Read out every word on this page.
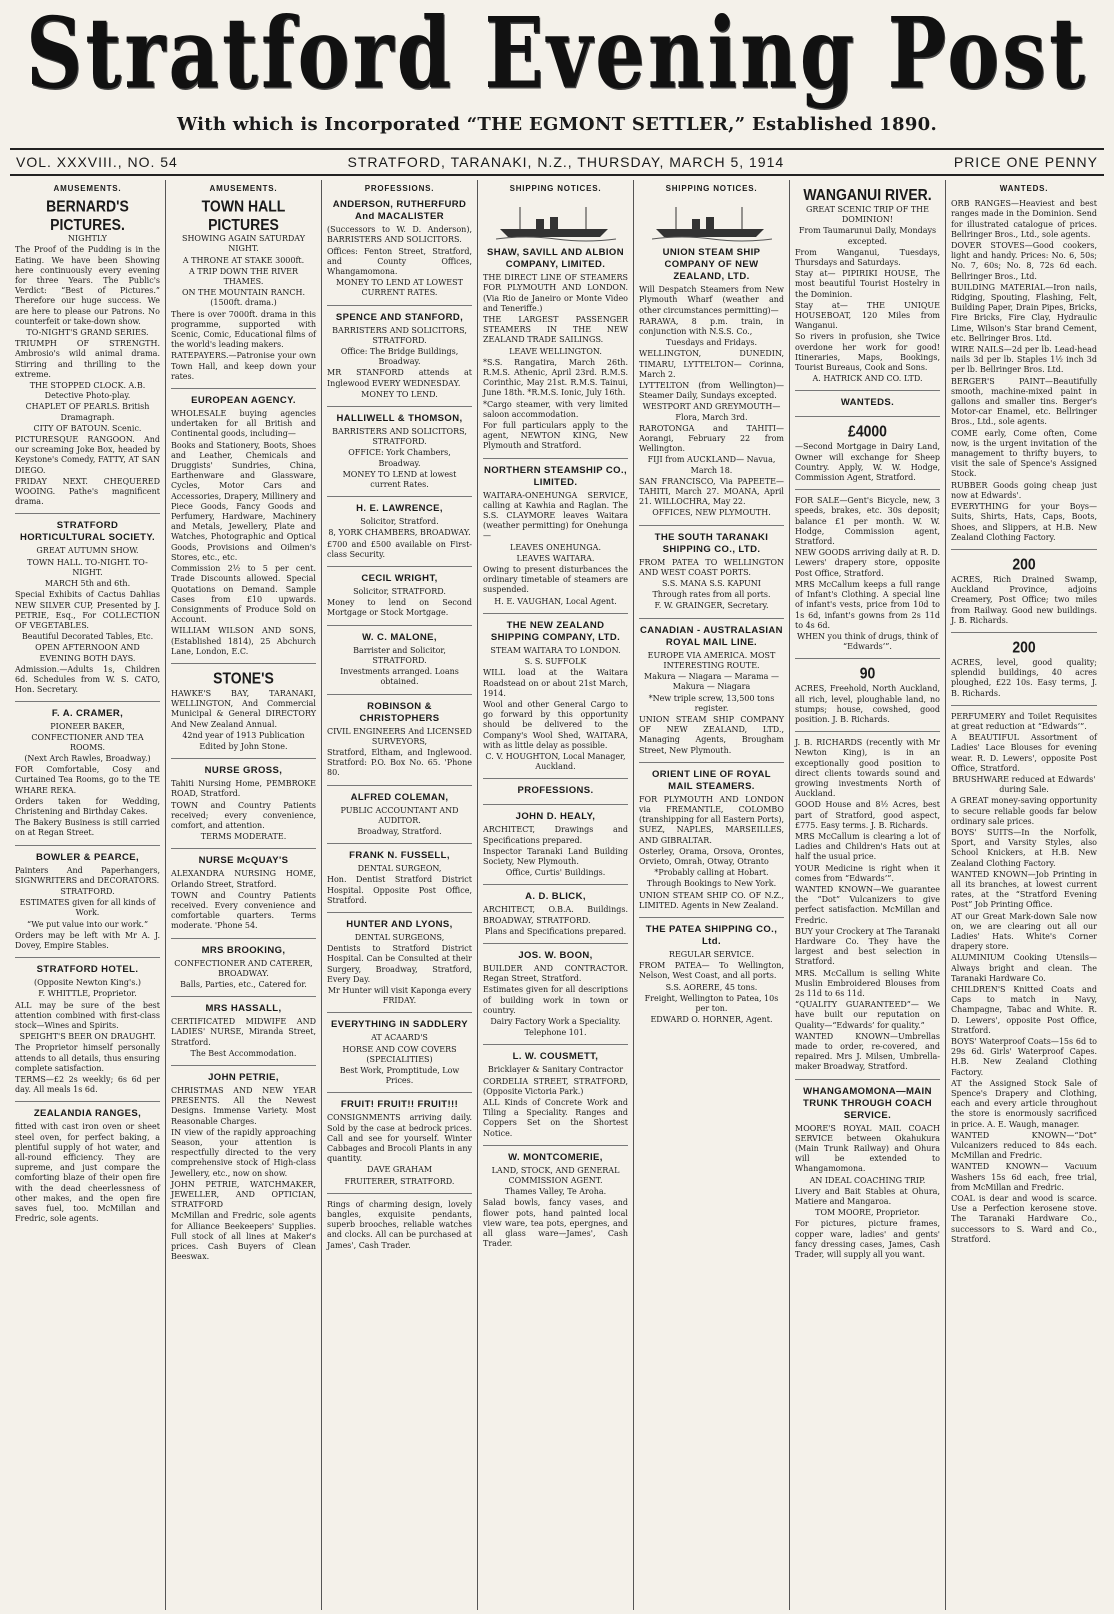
Stratford Evening Post
With which is Incorporated “THE EGMONT SETTLER,” Established 1890.
VOL. XXXVIII., NO. 54	STRATFORD, TARANAKI, N.Z., THURSDAY, MARCH 5, 1914	PRICE ONE PENNY
AMUSEMENTS.
BERNARD'S PICTURES.

NIGHTLY

The Proof of the Pudding is in the Eating. We have been Showing here continuously every evening for three Years. The Public's Verdict: “Best of Pictures.” Therefore our huge success. We are here to please our Patrons. No counterfeit or take-down show.

TO-NIGHT'S GRAND SERIES.

TRIUMPH OF STRENGTH. Ambrosio's wild animal drama. Stirring and thrilling to the extreme.

THE STOPPED CLOCK. A.B. Detective Photo-play.

CHAPLET OF PEARLS. British Dramagraph.

CITY OF BATOUN. Scenic.

PICTURESQUE RANGOON. And our screaming Joke Box, headed by Keystone's Comedy, FATTY, AT SAN DIEGO.

FRIDAY NEXT. CHEQUERED WOOING. Pathe's magnificent drama.

STRATFORD HORTICULTURAL SOCIETY.

GREAT AUTUMN SHOW.

TOWN HALL. TO-NIGHT. TO-NIGHT.

MARCH 5th and 6th.

Special Exhibits of Cactus Dahlias NEW SILVER CUP, Presented by J. PETRIE, Esq., For COLLECTION OF VEGETABLES.

Beautiful Decorated Tables, Etc.

OPEN AFTERNOON AND EVENING BOTH DAYS.

Admission.—Adults 1s, Children 6d. Schedules from W. S. CATO, Hon. Secretary.

F. A. CRAMER,

PIONEER BAKER, CONFECTIONER AND TEA ROOMS.

(Next Arch Rawles, Broadway.)

FOR Comfortable, Cosy and Curtained Tea Rooms, go to the TE WHARE REKA.

Orders taken for Wedding, Christening and Birthday Cakes.

The Bakery Business is still carried on at Regan Street.

BOWLER & PEARCE,

Painters And Paperhangers, SIGNWRITERS and DECORATORS.

STRATFORD.

ESTIMATES given for all kinds of Work.

“We put value into our work.”

Orders may be left with Mr A. J. Dovey, Empire Stables.

STRATFORD HOTEL.

(Opposite Newton King's.)

F. WHITTLE, Proprietor.

ALL may be sure of the best attention combined with first-class stock—Wines and Spirits.

SPEIGHT'S BEER ON DRAUGHT.

The Proprietor himself personally attends to all details, thus ensuring complete satisfaction.

TERMS—£2 2s weekly; 6s 6d per day. All meals 1s 6d.

ZEALANDIA RANGES,

fitted with cast iron oven or sheet steel oven, for perfect baking, a plentiful supply of hot water, and all-round efficiency. They are supreme, and just compare the comforting blaze of their open fire with the dead cheerlessness of other makes, and the open fire saves fuel, too. McMillan and Fredric, sole agents.

AMUSEMENTS.
TOWN HALL PICTURES

SHOWING AGAIN SATURDAY NIGHT.

A THRONE AT STAKE 3000ft.

A TRIP DOWN THE RIVER THAMES.

ON THE MOUNTAIN RANCH. (1500ft. drama.)

There is over 7000ft. drama in this programme, supported with Scenic, Comic, Educational films of the world's leading makers.

RATEPAYERS.—Patronise your own Town Hall, and keep down your rates.

EUROPEAN AGENCY.

WHOLESALE buying agencies undertaken for all British and Continental goods, including—

Books and Stationery, Boots, Shoes and Leather, Chemicals and Druggists' Sundries, China, Earthenware and Glassware, Cycles, Motor Cars and Accessories, Drapery, Millinery and Piece Goods, Fancy Goods and Perfumery, Hardware, Machinery and Metals, Jewellery, Plate and Watches, Photographic and Optical Goods, Provisions and Oilmen's Stores, etc., etc.

Commission 2½ to 5 per cent. Trade Discounts allowed. Special Quotations on Demand. Sample Cases from £10 upwards. Consignments of Produce Sold on Account.

WILLIAM WILSON AND SONS, (Established 1814), 25 Abchurch Lane, London, E.C.

STONE'S

HAWKE'S BAY, TARANAKI, WELLINGTON, And Commercial Municipal & General DIRECTORY And New Zealand Annual.

42nd year of 1913 Publication

Edited by John Stone.

NURSE GROSS,

Tahiti Nursing Home, PEMBROKE ROAD, Stratford.

TOWN and Country Patients received; every convenience, comfort, and attention.

TERMS MODERATE.

NURSE McQUAY'S

ALEXANDRA NURSING HOME, Orlando Street, Stratford.

TOWN and Country Patients received. Every convenience and comfortable quarters. Terms moderate. 'Phone 54.

MRS BROOKING,

CONFECTIONER AND CATERER, BROADWAY.

Balls, Parties, etc., Catered for.

MRS HASSALL,

CERTIFICATED MIDWIFE AND LADIES' NURSE, Miranda Street, Stratford.

The Best Accommodation.

JOHN PETRIE,

CHRISTMAS AND NEW YEAR PRESENTS. All the Newest Designs. Immense Variety. Most Reasonable Charges.

IN view of the rapidly approaching Season, your attention is respectfully directed to the very comprehensive stock of High-class Jewellery, etc., now on show.

JOHN PETRIE, WATCHMAKER, JEWELLER, AND OPTICIAN, STRATFORD

McMillan and Fredric, sole agents for Alliance Beekeepers' Supplies. Full stock of all lines at Maker's prices. Cash Buyers of Clean Beeswax.

PROFESSIONS.
ANDERSON, RUTHERFURD And MACALISTER

(Successors to W. D. Anderson), BARRISTERS AND SOLICITORS.

Offices: Fenton Street, Stratford, and County Offices, Whangamomona.

MONEY TO LEND AT LOWEST CURRENT RATES.

SPENCE AND STANFORD,

BARRISTERS AND SOLICITORS, STRATFORD.

Office: The Bridge Buildings, Broadway.

MR STANFORD attends at Inglewood EVERY WEDNESDAY.

MONEY TO LEND.

HALLIWELL & THOMSON,

BARRISTERS AND SOLICITORS, STRATFORD.

OFFICE: York Chambers, Broadway.

MONEY TO LEND at lowest current Rates.

H. E. LAWRENCE,

Solicitor, Stratford.

8, YORK CHAMBERS, BROADWAY.

£700 and £500 available on First-class Security.

CECIL WRIGHT,

Solicitor, STRATFORD.

Money to lend on Second Mortgage or Stock Mortgage.

W. C. MALONE,

Barrister and Solicitor, STRATFORD.

Investments arranged. Loans obtained.

ROBINSON & CHRISTOPHERS

CIVIL ENGINEERS And LICENSED SURVEYORS,

Stratford, Eltham, and Inglewood. Stratford: P.O. Box No. 65. 'Phone 80.

ALFRED COLEMAN,

PUBLIC ACCOUNTANT AND AUDITOR.

Broadway, Stratford.

FRANK N. FUSSELL,

DENTAL SURGEON,

Hon. Dentist Stratford District Hospital. Opposite Post Office, Stratford.

HUNTER AND LYONS,

DENTAL SURGEONS,

Dentists to Stratford District Hospital. Can be Consulted at their Surgery, Broadway, Stratford, Every Day.

Mr Hunter will visit Kaponga every FRIDAY.

EVERYTHING IN SADDLERY

AT ACAARD'S

HORSE AND COW COVERS (SPECIALITIES)

Best Work, Promptitude, Low Prices.

FRUIT! FRUIT!! FRUIT!!!

CONSIGNMENTS arriving daily. Sold by the case at bedrock prices. Call and see for yourself. Winter Cabbages and Brocoli Plants in any quantity.

DAVE GRAHAM

FRUITERER, STRATFORD.

Rings of charming design, lovely bangles, exquisite pendants, superb brooches, reliable watches and clocks. All can be purchased at James', Cash Trader.

SHIPPING NOTICES.
SHAW, SAVILL AND ALBION COMPANY, LIMITED.

THE DIRECT LINE OF STEAMERS FOR PLYMOUTH AND LONDON. (Via Rio de Janeiro or Monte Video and Teneriffe.)

THE LARGEST PASSENGER STEAMERS IN THE NEW ZEALAND TRADE SAILINGS.

LEAVE WELLINGTON.

*S.S. Rangatira, March 26th. R.M.S. Athenic, April 23rd. R.M.S. Corinthic, May 21st. R.M.S. Tainui, June 18th. *R.M.S. Ionic, July 16th.

*Cargo steamer, with very limited saloon accommodation.

For full particulars apply to the agent, NEWTON KING, New Plymouth and Stratford.

NORTHERN STEAMSHIP CO., LIMITED.

WAITARA-ONEHUNGA SERVICE, calling at Kawhia and Raglan. The S.S. CLAYMORE leaves Waitara (weather permitting) for Onehunga—

LEAVES ONEHUNGA.

LEAVES WAITARA.

Owing to present disturbances the ordinary timetable of steamers are suspended.

H. E. VAUGHAN, Local Agent.

THE NEW ZEALAND SHIPPING COMPANY, LTD.

STEAM WAITARA TO LONDON.

S. S. SUFFOLK

WILL load at the Waitara Roadstead on or about 21st March, 1914.

Wool and other General Cargo to go forward by this opportunity should be delivered to the Company's Wool Shed, WAITARA, with as little delay as possible.

C. V. HOUGHTON, Local Manager, Auckland.

PROFESSIONS.
JOHN D. HEALY,

ARCHITECT, Drawings and Specifications prepared.

Inspector Taranaki Land Building Society, New Plymouth.

Office, Curtis' Buildings.

A. D. BLICK,

ARCHITECT, O.B.A. Buildings. BROADWAY, STRATFORD.

Plans and Specifications prepared.

JOS. W. BOON,

BUILDER AND CONTRACTOR. Regan Street, Stratford.

Estimates given for all descriptions of building work in town or country.

Dairy Factory Work a Speciality.

Telephone 101.

L. W. COUSMETT,

Bricklayer & Sanitary Contractor

CORDELIA STREET, STRATFORD, (Opposite Victoria Park.)

ALL Kinds of Concrete Work and Tiling a Speciality. Ranges and Coppers Set on the Shortest Notice.

W. MONTCOMERIE,

LAND, STOCK, AND GENERAL COMMISSION AGENT.

Thames Valley, Te Aroha.

Salad bowls, fancy vases, and flower pots, hand painted local view ware, tea pots, epergnes, and all glass ware—James', Cash Trader.

SHIPPING NOTICES.
UNION STEAM SHIP COMPANY OF NEW ZEALAND, LTD.

Will Despatch Steamers from New Plymouth Wharf (weather and other circumstances permitting)—

RARAWA, 8 p.m. train, in conjunction with N.S.S. Co.,

Tuesdays and Fridays.

WELLINGTON, DUNEDIN, TIMARU, LYTTELTON— Corinna, March 2.

LYTTELTON (from Wellington)— Steamer Daily, Sundays excepted.

WESTPORT AND GREYMOUTH— Flora, March 3rd.

RAROTONGA and TAHITI— Aorangi, February 22 from Wellington.

FIJI from AUCKLAND— Navua, March 18.

SAN FRANCISCO, Via PAPEETE— TAHITI, March 27. MOANA, April 21. WILLOCHRA, May 22.

OFFICES, NEW PLYMOUTH.

THE SOUTH TARANAKI SHIPPING CO., LTD.

FROM PATEA TO WELLINGTON AND WEST COAST PORTS.

S.S. MANA S.S. KAPUNI

Through rates from all ports.

F. W. GRAINGER, Secretary.

CANADIAN - AUSTRALASIAN ROYAL MAIL LINE.

EUROPE VIA AMERICA. MOST INTERESTING ROUTE.

Makura — Niagara — Marama — Makura — Niagara

*New triple screw, 13,500 tons register.

UNION STEAM SHIP COMPANY OF NEW ZEALAND, LTD., Managing Agents, Brougham Street, New Plymouth.

ORIENT LINE OF ROYAL MAIL STEAMERS.

FOR PLYMOUTH AND LONDON via FREMANTLE, COLOMBO (transhipping for all Eastern Ports), SUEZ, NAPLES, MARSEILLES, AND GIBRALTAR.

Osterley, Orama, Orsova, Orontes, Orvieto, Omrah, Otway, Otranto

*Probably calling at Hobart.

Through Bookings to New York.

UNION STEAM SHIP CO. OF N.Z., LIMITED. Agents in New Zealand.

THE PATEA SHIPPING CO., Ltd.

REGULAR SERVICE.

FROM PATEA— To Wellington, Nelson, West Coast, and all ports.

S.S. AORERE, 45 tons.

Freight, Wellington to Patea, 10s per ton.

EDWARD O. HORNER, Agent.

WANGANUI RIVER.

GREAT SCENIC TRIP OF THE DOMINION!

From Taumarunui Daily, Mondays excepted.

From Wanganui, Tuesdays, Thursdays and Saturdays.

Stay at— PIPIRIKI HOUSE, The most beautiful Tourist Hostelry in the Dominion.

Stay at— THE UNIQUE HOUSEBOAT, 120 Miles from Wanganui.

So rivers in profusion, she Twice overdone her work for good! Itineraries, Maps, Bookings, Tourist Bureaus, Cook and Sons.

A. HATRICK AND CO. LTD.

WANTEDS.
£4000

—Second Mortgage in Dairy Land, Owner will exchange for Sheep Country. Apply, W. W. Hodge, Commission Agent, Stratford.

FOR SALE—Gent's Bicycle, new, 3 speeds, brakes, etc. 30s deposit; balance £1 per month. W. W. Hodge, Commission agent, Stratford.

NEW GOODS arriving daily at R. D. Lewers' drapery store, opposite Post Office, Stratford.

MRS McCallum keeps a full range of Infant's Clothing. A special line of infant's vests, price from 10d to 1s 6d, infant's gowns from 2s 11d to 4s 6d.

WHEN you think of drugs, think of “Edwards’”.

90

ACRES, Freehold, North Auckland, all rich, level, ploughable land, no stumps; house, cowshed, good position. J. B. Richards.

J. B. RICHARDS (recently with Mr Newton King), is in an exceptionally good position to direct clients towards sound and growing investments North of Auckland.

GOOD House and 8½ Acres, best part of Stratford, good aspect, £775. Easy terms. J. B. Richards.

MRS McCallum is clearing a lot of Ladies and Children's Hats out at half the usual price.

YOUR Medicine is right when it comes from “Edwards’”.

WANTED KNOWN—We guarantee the “Dot” Vulcanizers to give perfect satisfaction. McMillan and Fredric.

BUY your Crockery at The Taranaki Hardware Co. They have the largest and best selection in Stratford.

MRS. McCallum is selling White Muslin Embroidered Blouses from 2s 11d to 6s 11d.

“QUALITY GUARANTEED”— We have built our reputation on Quality—“Edwards’ for quality.”

WANTED KNOWN—Umbrellas made to order, re-covered, and repaired. Mrs J. Milsen, Umbrella-maker Broadway, Stratford.

WHANGAMOMONA—MAIN TRUNK THROUGH COACH SERVICE.

MOORE'S ROYAL MAIL COACH SERVICE between Okahukura (Main Trunk Railway) and Ohura will be extended to Whangamomona.

AN IDEAL COACHING TRIP.

Livery and Bait Stables at Ohura, Matiere and Mangaroa.

TOM MOORE, Proprietor.

For pictures, picture frames, copper ware, ladies' and gents' fancy dressing cases, James, Cash Trader, will supply all you want.

WANTEDS.

ORB RANGES—Heaviest and best ranges made in the Dominion. Send for illustrated catalogue of prices. Bellringer Bros., Ltd., sole agents.

DOVER STOVES—Good cookers, light and handy. Prices: No. 6, 50s; No. 7, 60s; No. 8, 72s 6d each. Bellringer Bros., Ltd.

BUILDING MATERIAL—Iron nails, Ridging, Spouting, Flashing, Felt, Building Paper, Drain Pipes, Bricks, Fire Bricks, Fire Clay, Hydraulic Lime, Wilson's Star brand Cement, etc. Bellringer Bros. Ltd.

WIRE NAILS—2d per lb. Lead-head nails 3d per lb. Staples 1½ inch 3d per lb. Bellringer Bros. Ltd.

BERGER'S PAINT—Beautifully smooth, machine-mixed paint in gallons and smaller tins. Berger's Motor-car Enamel, etc. Bellringer Bros., Ltd., sole agents.

COME early, Come often, Come now, is the urgent invitation of the management to thrifty buyers, to visit the sale of Spence's Assigned Stock.

RUBBER Goods going cheap just now at Edwards'.

EVERYTHING for your Boys— Suits, Shirts, Hats, Caps, Boots, Shoes, and Slippers, at H.B. New Zealand Clothing Factory.

200

ACRES, Rich Drained Swamp, Auckland Province, adjoins Creamery, Post Office; two miles from Railway. Good new buildings. J. B. Richards.

200

ACRES, level, good quality; splendid buildings, 40 acres ploughed, £22 10s. Easy terms, J. B. Richards.

PERFUMERY and Toilet Requisites at great reduction at “Edwards’”.

A BEAUTIFUL Assortment of Ladies' Lace Blouses for evening wear. R. D. Lewers', opposite Post Office, Stratford.

BRUSHWARE reduced at Edwards' during Sale.

A GREAT money-saving opportunity to secure reliable goods far below ordinary sale prices.

BOYS' SUITS—In the Norfolk, Sport, and Varsity Styles, also School Knickers, at H.B. New Zealand Clothing Factory.

WANTED KNOWN—Job Printing in all its branches, at lowest current rates, at the “Stratford Evening Post” Job Printing Office.

AT our Great Mark-down Sale now on, we are clearing out all our Ladies' Hats. White's Corner drapery store.

ALUMINIUM Cooking Utensils— Always bright and clean. The Taranaki Hardware Co.

CHILDREN'S Knitted Coats and Caps to match in Navy, Champagne, Tabac and White. R. D. Lewers', opposite Post Office, Stratford.

BOYS' Waterproof Coats—15s 6d to 29s 6d. Girls' Waterproof Capes. H.B. New Zealand Clothing Factory.

AT the Assigned Stock Sale of Spence's Drapery and Clothing, each and every article throughout the store is enormously sacrificed in price. A. E. Waugh, manager.

WANTED KNOWN—“Dot” Vulcanizers reduced to 84s each. McMillan and Fredric.

WANTED KNOWN— Vacuum Washers 15s 6d each, free trial, from McMillan and Fredric.

COAL is dear and wood is scarce. Use a Perfection kerosene stove. The Taranaki Hardware Co., successors to S. Ward and Co., Stratford.
